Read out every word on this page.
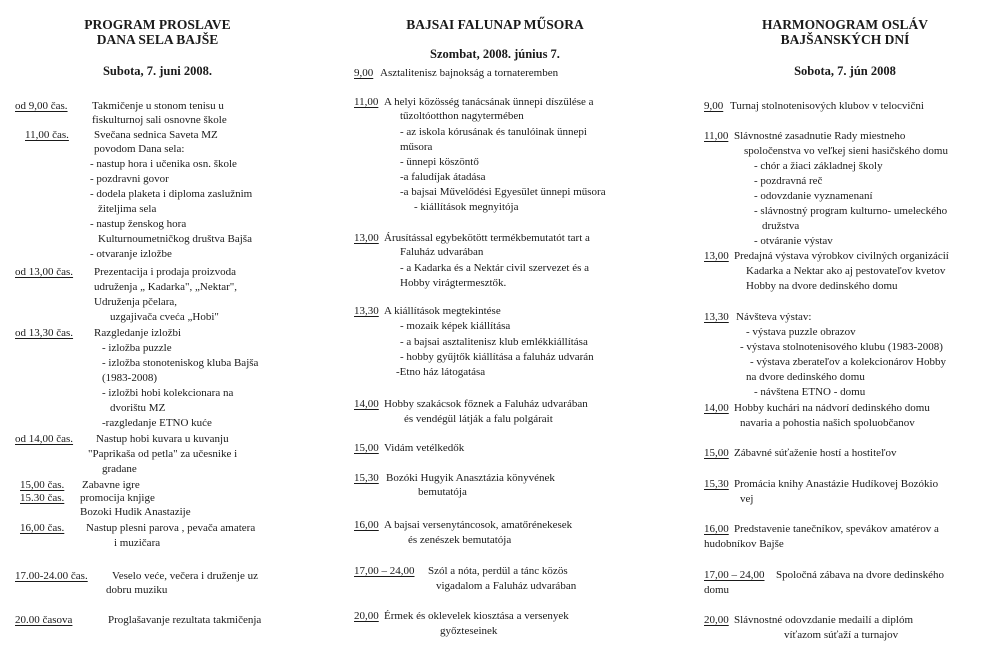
PROGRAM PROSLAVE
DANA SELA BAJŠE
Subota, 7. juni 2008.
od 9,00 čas. Takmičenje u stonom tenisu u
fiskulturnoj sali osnovne škole
11,00 čas. Svečana sednica Saveta MZ
povodom Dana sela:
- nastup hora i učenika osn. škole
- pozdravni govor
- dodela plaketa i diploma zaslužnim
žiteljima sela
- nastup ženskog hora
Kulturnoumetničkog društva Bajša
- otvaranje izložbe
od 13,00 čas. Prezentacija i prodaja proizvoda
udruženja „ Kadarka", „Nektar",
Udruženja pčelara,
uzgajivača cveća „Hobi"
od 13,30 čas. Razgledanje izložbi
- izložba puzzle
- izložba stonoteniskog kluba Bajša
(1983-2008)
- izložbi hobi kolekcionara na
dvorištu MZ
-razgledanje ETNO kuće
od 14,00 čas. Nastup hobi kuvara u kuvanju
"Paprikaša od petla" za učesnike i
gradane
15,00 čas. Zabavne igre
15.30 čas. promocija knjige
Bozoki Hudik Anastazije
16,00 čas. Nastup plesni parova , pevača amatera
i muzičara
17.00-24.00 čas. Veselo veće, večera i druženje uz
dobru muziku
20.00 časova	Proglašavanje rezultata takmičenja
BAJSAI FALUNAP MŰSORA
Szombat, 2008. június 7.
9,00 Asztalitenisz bajnokság a tornateremben
11,00 A helyi közösség tanácsának ünnepi díszülése a
tűzoltóotthon nagytermében
- az iskola kórusának és tanulóinak ünnepi
műsora
- ünnepi köszöntő
-a faludíjak átadása
-a bajsai Művelődési Egyesület ünnepi műsora
- kiállítások megnyitója
13,00 Árusítással egybekötött termékbemutatót tart a
Faluház udvarában
- a Kadarka és a Nektár civil szervezet és a
Hobby virágtermesztők.
13,30 A kiállítások megtekintése
- mozaik képek kiállítása
- a bajsai asztalitenisz klub emlékkiállítása
- hobby gyűjtők kiállítása a faluház udvarán
-Etno ház látogatása
14,00 Hobby szakácsok főznek a Faluház udvarában
és vendégül látják a falu polgárait
15,00 Vidám vetélkedők
15,30 Bozóki Hugyik Anasztázia könyvének
bemutatója
16,00 A bajsai versenytáncosok, amatőrénekesek
és zenészek bemutatója
17,00 – 24,00 Szól a nóta, perdül a tánc közös
vigadalom a Faluház udvarában
20,00 Érmek és oklevelek kiosztása a versenyek
győzteseinek
HARMONOGRAM OSLÁV
BAJŠANSKÝCH DNÍ
Sobota, 7. jún 2008
9,00 Turnaj stolnotenisových klubov v telocvični
11,00 Slávnostné zasadnutie Rady miestneho
spoločenstva vo veľkej sieni hasičského domu
- chór a žiaci základnej školy
- pozdravná reč
- odovzdanie vyznamenaní
- slávnostný program kulturno- umeleckého
družstva
- otváranie výstav
13,00 Predajná výstava výrobkov civilných organizácií
Kadarka a Nektar ako aj pestovateľov kvetov
Hobby na dvore dedinského domu
13,30 Návšteva výstav:
- výstava puzzle obrazov
- výstava stolnotenisového klubu (1983-2008)
- výstava zberateľov a kolekcionárov Hobby
na dvore dedinského domu
- návštena ETNO - domu
14,00 Hobby kuchári na nádvorí dedinského domu
navaria a pohostia našich spoluobčanov
15,00 Zábavné súťaženie hostí a hostiteľov
15,30 Promácia knihy Anastázie Hudíkovej Bozókio
vej
16,00 Predstavenie tanečníkov, spevákov amatérov a
hudobníkov Bajše
17,00 – 24,00 Spoločná zábava na dvore dedinského
domu
20,00 Slávnostné odovzdanie medailí a diplóm
víťazom súťaží a turnajov
